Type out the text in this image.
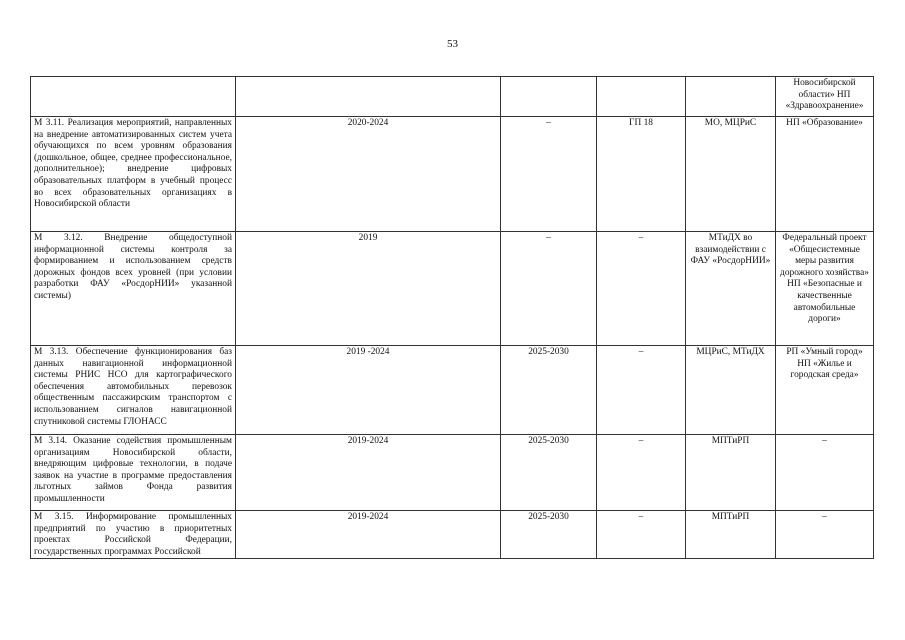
53
					Новосибирской области» НП «Здравоохранение»
М 3.11. Реализация мероприятий, направленных на внедрение автоматизированных систем учета обучающихся по всем уровням образования (дошкольное, общее, среднее профессиональное, дополнительное); внедрение цифровых образовательных платформ в учебный процесс во всех образовательных организациях в Новосибирской области	2020-2024	–	ГП 18	МО, МЦРиС	НП «Образование»
М 3.12. Внедрение общедоступной информационной системы контроля за формированием и использованием средств дорожных фондов всех уровней (при условии разработки ФАУ «РосдорНИИ» указанной системы)	2019	–	–	МТиДХ во взаимодействии с ФАУ «РосдорНИИ»	Федеральный проект «Общесистемные меры развития дорожного хозяйства» НП «Безопасные и качественные автомобильные дороги»
М 3.13. Обеспечение функционирования баз данных навигационной информационной системы РНИС НСО для картографического обеспечения автомобильных перевозок общественным пассажирским транспортом с использованием сигналов навигационной спутниковой системы ГЛОНАСС	2019 -2024	2025-2030	–	МЦРиС, МТиДХ	РП «Умный город» НП «Жилье и городская среда»
М 3.14. Оказание содействия промышленным организациям Новосибирской области, внедряющим цифровые технологии, в подаче заявок на участие в программе предоставления льготных займов Фонда развития промышленности	2019-2024	2025-2030	–	МПТиРП	–
М 3.15. Информирование промышленных предприятий по участию в приоритетных проектах Российской Федерации, государственных программах Российской	2019-2024	2025-2030	–	МПТиРП	–
